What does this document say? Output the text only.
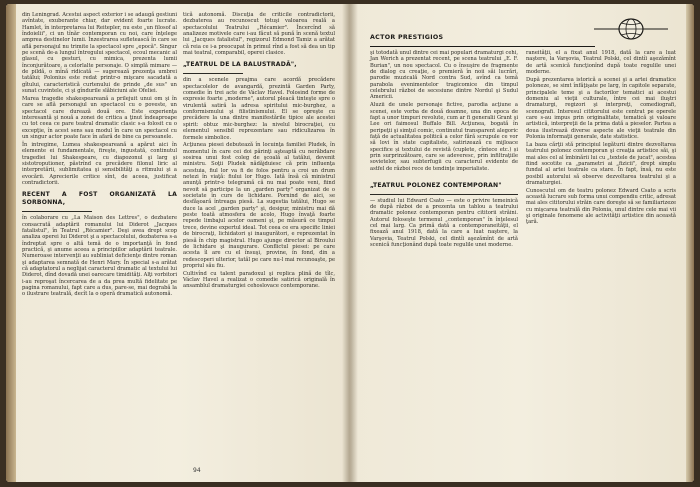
din Leningrad. Acestui aspect exterior i se adaugă gestiuni avîntate, exuberante chiar, dar evident foarte lucrate. Hamlet, în interpretarea lui Reitepler, nu este „un filosof al îndoielii", ci un tînăr contemporan cu noi, care înţelege amprea destinelor lumii. Înzestrarea sufletească în care se află personajul nu trimite la spectacol spre „epocă". Singur pe scenă de-a lungul întregului spectacol, ecoul mecanic al glasul, cu gesturi, cu mimica, prezenta lumii înconjurătoare, a celorlalte personaje. O simplă mimare — de pildă, o mînă ridicată — sugerează prezenţa umbrei tatălui; Polonius este redat printr-o mişcare sacadată a gîtului, caracteristică curtenului de prinde „de sus" un sunat cuvintele, ci şi gîndurile slăbiciuni ale Ofeliei.

Marea tragedie shakespeareană a prilejuit unui om şi în care se află personajul un spectacol cu o poveste, un spectacol care durează două ore. Este experienţa interesantă şi nouă a zonei de critica a ţinut îndeaproape cu tot ceea ce pare teatral dramatic clasic s-a folosit cu o excepţie, în acest sens sau modul în care un spectacol cu un singur actor poate face în afară de bine ca persoanele.

În intregime, Lumea shakespeareană a apărut aici în elemente ei fundamentale, fireşte, ingustată, continutul tragediei lui Shakespeare, cu diapozonul şi larg şi sistotroputioner, păstrînd cu precădere filonul liric al interpretării, sublimitatea şi sensibilităţi a ritmului şi a evocării. Aprecierile critice sînt, de aceea, justificat contradictorii.

RECENT A FOST ORGANIZATĂ LA SORBONNA,

în colaborare cu „La Maison des Lettres", o dezbatere consacrată adaptării romanului lui Diderot „Jacques fatalistul", în Teatrul „Récamier". Deşi avea drept scop analiza operei lui Diderot şi a spectacolului, dezbaterea s-a îndreptat spre o altă temă de o importanţă în fond practică, şi anume aceea a principiilor adaptării teatrale. Numeroase intervenţii au subliniat deficienţe dintre roman şi adaptarea semnată de Henri Mary. În special s-a arătat că adaptatorul a neglijat caracterul dramatic al textului lui Diderot, dînd dovadă unei oarecare timidităţi. Alţi vorbitori i-au reproşat încercarea de a da prea multă fidelitate pe pagina romanului, fapt care a dus, pare-se, mai degrabă la o ilustrare teatrală, decît la o operă dramatică autonomă.

tică autonomă. Discuţia de criticile contradictorii, dezbaterea au recunoscut totuşi valoarea reală a spectacolului Teatrului „Récamier". Încercînd să analizeze motivele care i-au făcut să pună în scenă textul lui „Jacques fatalistul", regizorul Edmond Tamiz a arătat că reia ce i-a preocupat în primul rînd a fost să dea un tip mai teatral, comparabil, operei clasice.

„TEATRUL DE LA BALUSTRADĂ",

din a scenele preajma care acordă precădere spectacolelor de avangardă, prezintă Garden Party, comedie în trei acte de Václav Havel. Folosind forme de expresie foarte „moderne", autorul pleacă tinteşte spre o virulentă satiră la adresa spiritului mic-burghez, a conformismului şi filistinismului. El se opreşte cu precădere la una dintre manifestările tipice ale acestei spirit: obtuz mic-burghez: la nivelul birocraţiei, cu elementul sensibil reprezentare sau ridiculizarea în formele simbolice.

Acţiunea piesei debutează în locuinţa familiei Pludek, în momentul în care cei doi părinţi aşteaptă cu nerăbdare sosirea unui fost coleg de şcoală al tatălui, devenit ministru. Soţii Pludek nădăjduiesc că prin influenţa acestuia, fiul lor va fi de folos pentru a croi un drum netezi în viaţă: fiului lor Hugo. Iată însă că ministrul anunţă printr-o telegramă că nu mai poate veni, fiind nevoit să participe la un „garden party" organizat de o societate în curs de lichidare. Pornind de aici, se desfăşoară întreaga piesă. La sugestia tatălui, Hugo se duce la acel „garden party" şi, desigur, ministru mai dă peste toată atmosfera de acolo, Hugo învaţă foarte repede limbajul acelor oameni şi, pe măsură ce timpul trece, devine expertul ideal. Tot ceea ce era specific liniei de birocraţi, lichidatori şi inaugurători, e reprezentat în piesă în chip magistral. Hugo ajunge director al Biroului de lichidare şi inaugurare. Conflictul piesei: pe care acesta îl are cu el însuşi, provine, în fond, din a redescoperi ulterior, tatăl pe care nu-l mai recunoaşte, pe propriul său fiu.

Cultivînd cu talent paradoxul şi replica plină de tîlc, Václav Havel a realizat o comedie satirică originală în ansamblul dramaturgiei cehoslovace contemporane.

94
ACTOR PRESTIGIOS

şi totodată unul dintre cei mai populari dramaturgi cehi, Jan Werich a prezentat recent, pe scena teatrului „E. F. Burian", un nou spectacol. Cu o însuşire de fragmente de dialog cu creaţie, o premieră în noii săi lucrări, parodie muzicală Nord contra Sud, avînd ca temă parabola evenimentelor tragicomice din timpul celebrului război de secesiune dintre Nordul şi Sudul Americii.

Aluzii de unele personaje fictive, parodia acţiune a scenei, este vorba de două doamne, una din epoca de fapt a unor timpuri revolute, cum ar fi generalii Grant şi Lee ori faimosul Buffalo Bill. Acţiunea, bogată în peripeţii şi simţul comic, continutul transparent alegoric față de actualitatea politică a celor fără scrupule ce vor să lovi în state capitaliste, satirizează cu mijloace specifice și textului de revistă (cuplete, cîntece etc.) și prin surprinzătoare, care se adeveresc, prin infiltraţiile sovietelor, sau subterfugii cu caracterul evidente de astfel de război rece de tendinţe imperialiste.

„TEATRUL POLONEZ CONTEMPORAN"

— studiul lui Edward Csato — este o privire temeinică de după război de a prezenta un tablou a teatrului dramatic polonez contemporan pentru cititorii străini. Autorul foloseşte termenul „contemporan" în înţelesul cel mai larg. Ca primă dată a contemporaneităţii, el fixează anul 1918, dată la care a luat naştere, la Varşovia, Teatrul Polski, cel dintîi aşezămînt de artă scenică funcţionând după toate regulile unei moderne.

raneităţii, el a fixat anul 1918, dată la care a luat naştere, la Varşovia, Teatrul Polski, cel dintîi aşezămînt de artă scenică funcţionînd după toate regulile unei moderne.

După prezentarea istorică a scenei şi a artei dramatice poloneze, se simt înfăţişate pe larg, în capitole separate, principalele teme şi a factorilor tematici ai acestui domeniu al vieţii culturale, între cei mai iluştri dramaturgi, regizori şi interpreţi, comediografi, scenografi. Interesul cititorului este centrat pe operele care s-au impus prin originalitate, tematică şi valoare artistică, interpreţii de la prima dată a pieselor. Partea a doua ilustrează diverse aspecte ale vieţii teatrale din Polonia informaţii generale, date statistice.

La baza cărţii stă principiul legăturii dintre dezvoltarea teatrului polonez contemporan şi creaţia artistice săi, şi mai ales cel al îmbinării lui cu „textele de jucat", acestea fiind socotite ca „parametri ai „fizicii", drept simplu fundal al artei teatrale ca stare. În fapt, însă, nu este posibil autorului să observe dezvoltarea teatrului şi a dramaturgiei.

Cunoscutul om de teatru polonez Edward Csato a scris această lucrare sub forma unui compendiu critic, adresat mai ales cititorului străin care doreşte să se familiarizeze cu mişcarea teatrală din Polonia, unul dintre cele mai vii şi originale fenomene ale activităţii artistice din această ţară.
